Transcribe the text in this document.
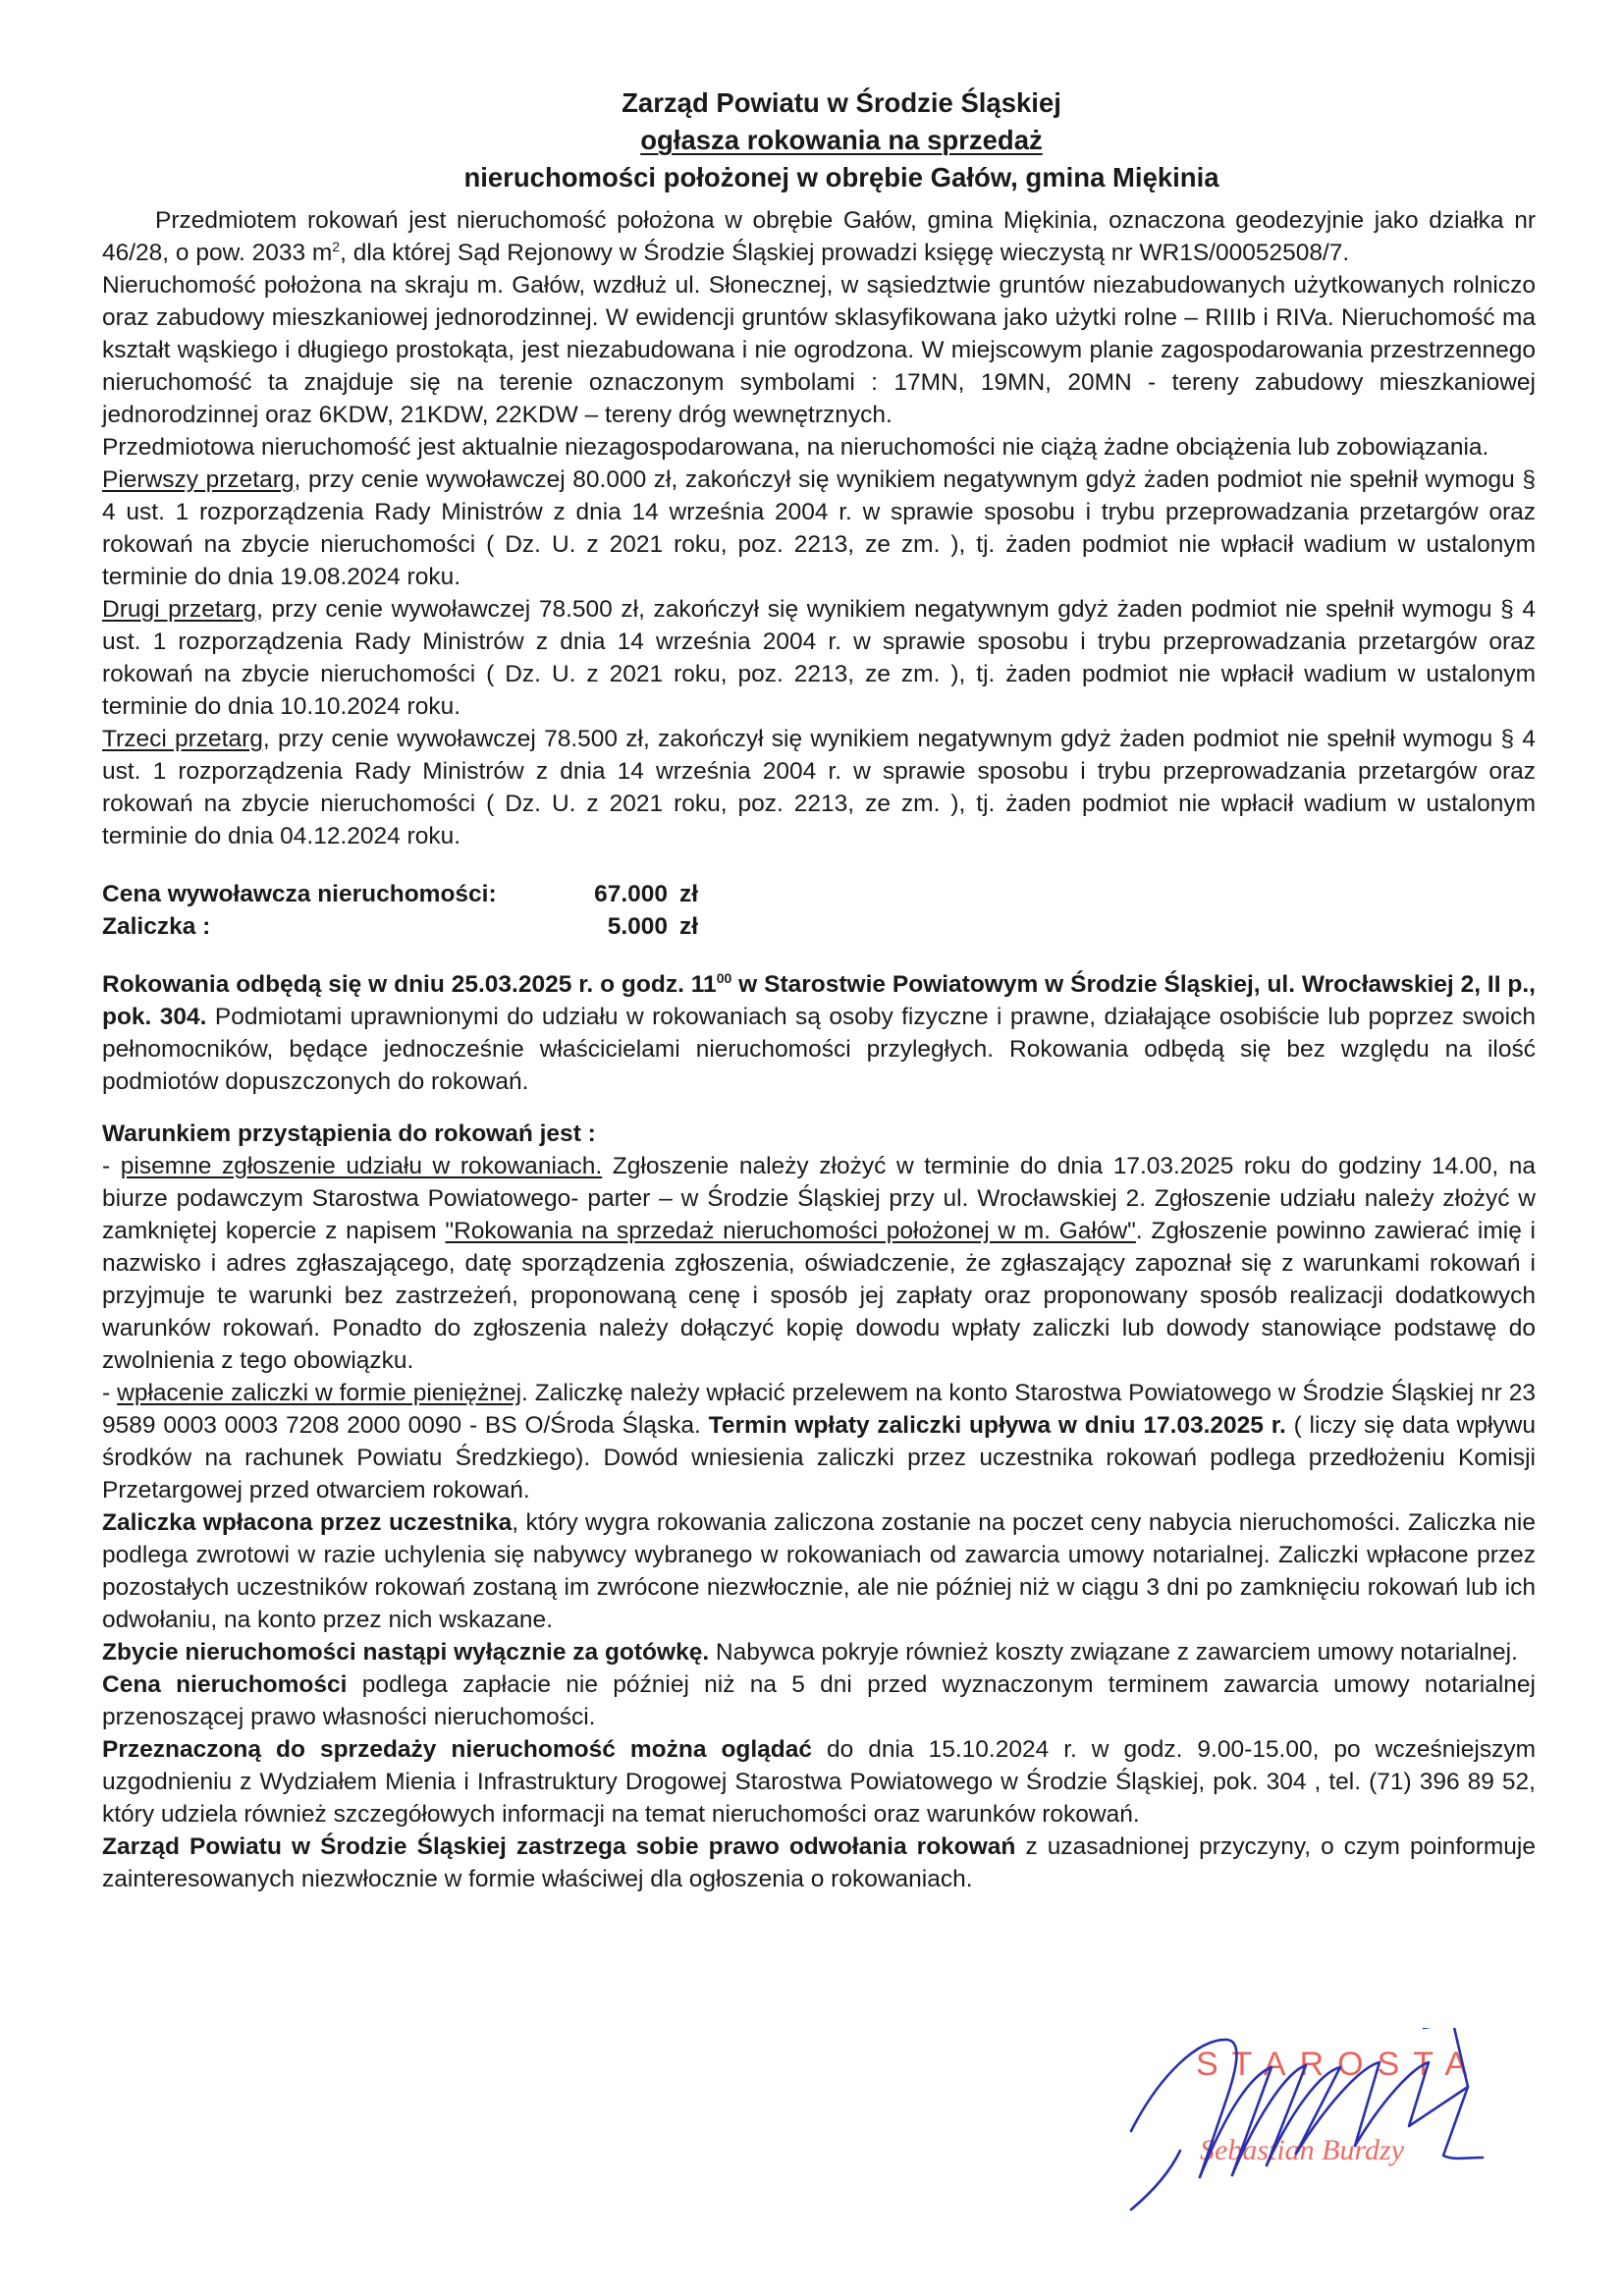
Zarząd Powiatu w Środzie Śląskiej
ogłasza rokowania na sprzedaż
nieruchomości położonej w obrębie Gałów, gmina Miękinia

Przedmiotem rokowań jest nieruchomość położona w obrębie Gałów, gmina Miękinia, oznaczona geodezyjnie jako działka nr 46/28, o pow. 2033 $m^2$, dla której Sąd Rejonowy w Środzie Śląskiej prowadzi księgę wieczystą nr WR1S/00052508/7.

Nieruchomość położona na skraju m. Gałów, wzdłuż ul. Słonecznej, w sąsiedztwie gruntów niezabudowanych użytkowanych rolniczo oraz zabudowy mieszkaniowej jednorodzinnej. W ewidencji gruntów sklasyfikowana jako użytki rolne – RIIIb i RIVa. Nieruchomość ma kształt wąskiego i długiego prostokąta, jest niezabudowana i nie ogrodzona. W miejscowym planie zagospodarowania przestrzennego nieruchomość ta znajduje się na terenie oznaczonym symbolami : 17MN, 19MN, 20MN - tereny zabudowy mieszkaniowej jednorodzinnej oraz 6KDW, 21KDW, 22KDW – tereny dróg wewnętrznych.

Przedmiotowa nieruchomość jest aktualnie niezagospodarowana, na nieruchomości nie ciążą żadne obciążenia lub zobowiązania.

Pierwszy przetarg, przy cenie wywoławczej 80.000 zł, zakończył się wynikiem negatywnym gdyż żaden podmiot nie spełnił wymogu § 4 ust. 1 rozporządzenia Rady Ministrów z dnia 14 września 2004 r. w sprawie sposobu i trybu przeprowadzania przetargów oraz rokowań na zbycie nieruchomości ( Dz. U. z 2021 roku, poz. 2213, ze zm. ), tj. żaden podmiot nie wpłacił wadium w ustalonym terminie do dnia 19.08.2024 roku.

Drugi przetarg, przy cenie wywoławczej 78.500 zł, zakończył się wynikiem negatywnym gdyż żaden podmiot nie spełnił wymogu § 4 ust. 1 rozporządzenia Rady Ministrów z dnia 14 września 2004 r. w sprawie sposobu i trybu przeprowadzania przetargów oraz rokowań na zbycie nieruchomości ( Dz. U. z 2021 roku, poz. 2213, ze zm. ), tj. żaden podmiot nie wpłacił wadium w ustalonym terminie do dnia 10.10.2024 roku.

Trzeci przetarg, przy cenie wywoławczej 78.500 zł, zakończył się wynikiem negatywnym gdyż żaden podmiot nie spełnił wymogu § 4 ust. 1 rozporządzenia Rady Ministrów z dnia 14 września 2004 r. w sprawie sposobu i trybu przeprowadzania przetargów oraz rokowań na zbycie nieruchomości ( Dz. U. z 2021 roku, poz. 2213, ze zm. ), tj. żaden podmiot nie wpłacił wadium w ustalonym terminie do dnia 04.12.2024 roku.

Cena wywoławcza nieruchomości:	67.000 zł
Zaliczka :	5.000 zł

Rokowania odbędą się w dniu 25.03.2025 r. o godz. $11^{00}$ w Starostwie Powiatowym w Środzie Śląskiej, ul. Wrocławskiej 2, II p., pok. 304. Podmiotami uprawnionymi do udziału w rokowaniach są osoby fizyczne i prawne, działające osobiście lub poprzez swoich pełnomocników, będące jednocześnie właścicielami nieruchomości przyległych. Rokowania odbędą się bez względu na ilość podmiotów dopuszczonych do rokowań.

Warunkiem przystąpienia do rokowań jest :

- pisemne zgłoszenie udziału w rokowaniach. Zgłoszenie należy złożyć w terminie do dnia 17.03.2025 roku do godziny 14.00, na biurze podawczym Starostwa Powiatowego- parter – w Środzie Śląskiej przy ul. Wrocławskiej 2. Zgłoszenie udziału należy złożyć w zamkniętej kopercie z napisem "Rokowania na sprzedaż nieruchomości położonej w m. Gałów". Zgłoszenie powinno zawierać imię i nazwisko i adres zgłaszającego, datę sporządzenia zgłoszenia, oświadczenie, że zgłaszający zapoznał się z warunkami rokowań i przyjmuje te warunki bez zastrzeżeń, proponowaną cenę i sposób jej zapłaty oraz proponowany sposób realizacji dodatkowych warunków rokowań. Ponadto do zgłoszenia należy dołączyć kopię dowodu wpłaty zaliczki lub dowody stanowiące podstawę do zwolnienia z tego obowiązku.

- wpłacenie zaliczki w formie pieniężnej. Zaliczkę należy wpłacić przelewem na konto Starostwa Powiatowego w Środzie Śląskiej nr 23 9589 0003 0003 7208 2000 0090 - BS O/Środa Śląska. Termin wpłaty zaliczki upływa w dniu 17.03.2025 r. ( liczy się data wpływu środków na rachunek Powiatu Średzkiego). Dowód wniesienia zaliczki przez uczestnika rokowań podlega przedłożeniu Komisji Przetargowej przed otwarciem rokowań.

Zaliczka wpłacona przez uczestnika, który wygra rokowania zaliczona zostanie na poczet ceny nabycia nieruchomości. Zaliczka nie podlega zwrotowi w razie uchylenia się nabywcy wybranego w rokowaniach od zawarcia umowy notarialnej. Zaliczki wpłacone przez pozostałych uczestników rokowań zostaną im zwrócone niezwłocznie, ale nie później niż w ciągu 3 dni po zamknięciu rokowań lub ich odwołaniu, na konto przez nich wskazane.

Zbycie nieruchomości nastąpi wyłącznie za gotówkę. Nabywca pokryje również koszty związane z zawarciem umowy notarialnej.

Cena nieruchomości podlega zapłacie nie później niż na 5 dni przed wyznaczonym terminem zawarcia umowy notarialnej przenoszącej prawo własności nieruchomości.

Przeznaczoną do sprzedaży nieruchomość można oglądać do dnia 15.10.2024 r. w godz. 9.00-15.00, po wcześniejszym uzgodnieniu z Wydziałem Mienia i Infrastruktury Drogowej Starostwa Powiatowego w Środzie Śląskiej, pok. 304 , tel. (71) 396 89 52, który udziela również szczegółowych informacji na temat nieruchomości oraz warunków rokowań.

Zarząd Powiatu w Środzie Śląskiej zastrzega sobie prawo odwołania rokowań z uzasadnionej przyczyny, o czym poinformuje zainteresowanych niezwłocznie w formie właściwej dla ogłoszenia o rokowaniach.

STAROSTA
Sebastian Burdzy
